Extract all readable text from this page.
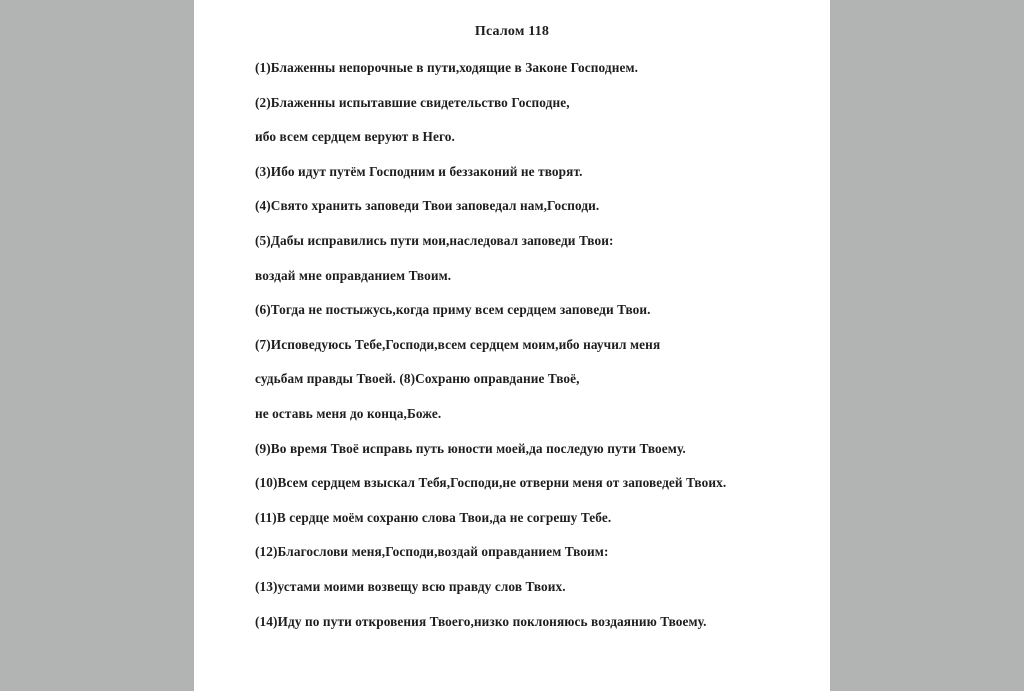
Псалом 118
(1)Блаженны непорочные в пути,ходящие в Законе Господнем.
(2)Блаженны испытавшие свидетельство Господне,
ибо всем сердцем веруют в Него.
(3)Ибо идут путём Господним и беззаконий не творят.
(4)Свято хранить заповеди Твои заповедал нам,Господи.
(5)Дабы исправились пути мои,наследовал заповеди Твои:
воздай мне оправданием Твоим.
(6)Тогда не постыжусь,когда приму всем сердцем заповеди Твои.
(7)Исповедуюсь Тебе,Господи,всем сердцем моим,ибо научил меня
судьбам правды Твоей. (8)Сохраню оправдание Твоё,
не оставь меня до конца,Боже.
(9)Во время Твоё исправь путь юности моей,да последую пути Твоему.
(10)Всем сердцем взыскал Тебя,Господи,не отверни меня от заповедей Твоих.
(11)В сердце моём сохраню слова Твои,да не согрешу Тебе.
(12)Благослови меня,Господи,воздай оправданием Твоим:
(13)устами моими возвещу всю правду слов Твоих.
(14)Иду по пути откровения Твоего,низко поклоняюсь воздаянию Твоему.
